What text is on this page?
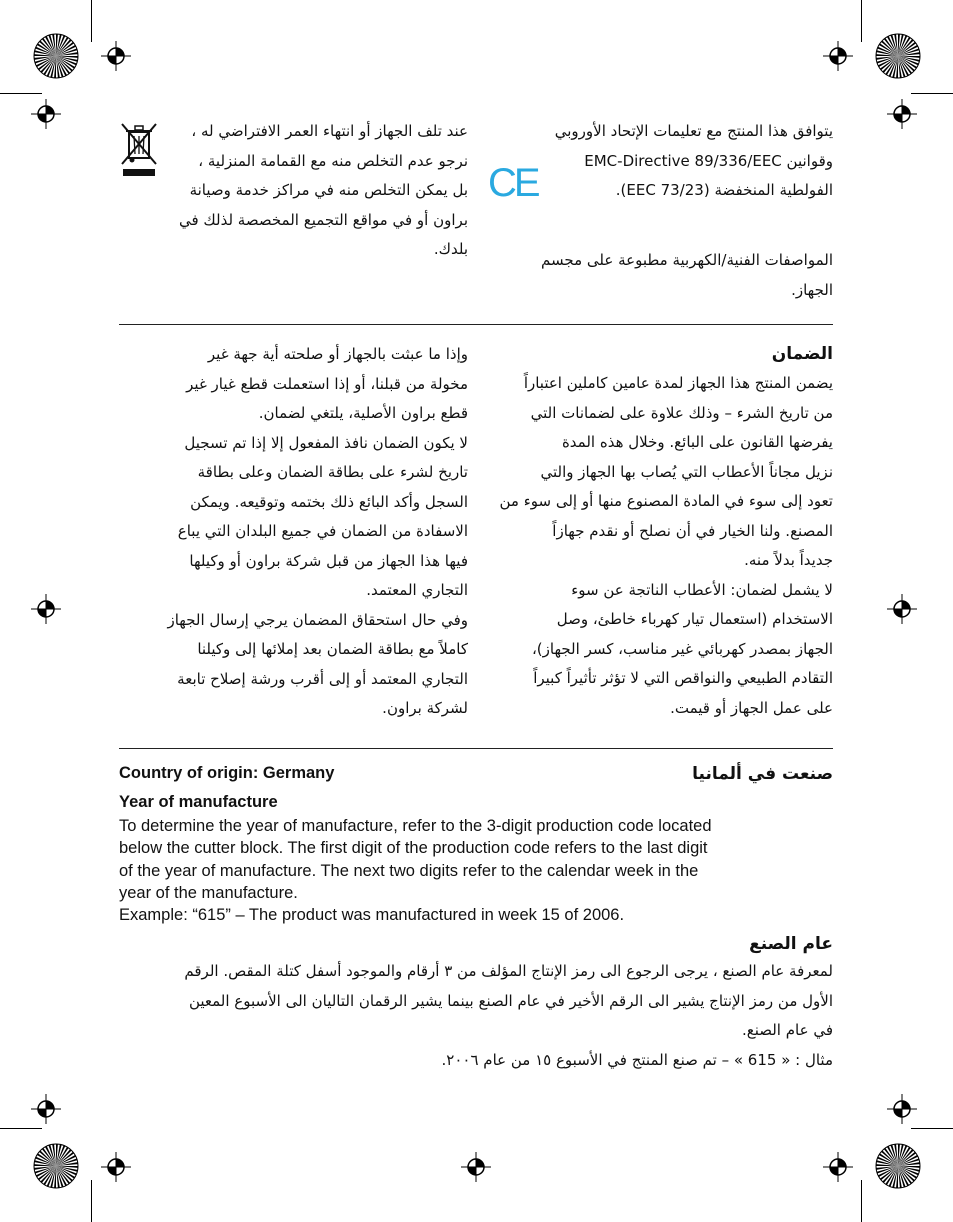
عند تلف الجهاز أو انتهاء العمر الافتراضي له ،
نرجو عدم التخلص منه مع القمامة المنزلية ،
بل يمكن التخلص منه في مراكز خدمة وصيانة
براون أو في مواقع التجميع المخصصة لذلك في
بلدك.

يتوافق هذا المنتج مع تعليمات الإتحاد الأوروبي
وقوانين EMC-Directive 89/336/EEC
الفولطية المنخفضة (73/23 EEC).

CE

المواصفات الفنية/الكهربية مطبوعة على مجسم
الجهاز.

الضمان

يضمن المنتج هذا الجهاز لمدة عامين كاملين اعتباراً
من تاريخ الشرء – وذلك علاوة على لضمانات التي
يفرضها القانون على البائع. وخلال هذه المدة
نزيل مجاناً الأعطاب التي يُصاب بها الجهاز والتي
تعود إلى سوء في المادة المصنوع منها أو إلى سوء من
المصنع. ولنا الخيار في أن نصلح أو نقدم جهازاً
جديداً بدلاً منه.
لا يشمل لضمان: الأعطاب الناتجة عن سوء
الاستخدام (استعمال تيار كهرباء خاطئ، وصل
الجهاز بمصدر كهربائي غير مناسب، كسر الجهاز)،
التقادم الطبيعي والنواقص التي لا تؤثر تأثيراً كبيراً
على عمل الجهاز أو قيمت.

وإذا ما عبثت بالجهاز أو صلحته أية جهة غير
مخولة من قبلنا، أو إذا استعملت قطع غيار غير
قطع براون الأصلية، يلتغي لضمان.
لا يكون الضمان نافذ المفعول إلا إذا تم تسجيل
تاريخ لشرء على بطاقة الضمان وعلى بطاقة
السجل وأكد البائع ذلك بختمه وتوقيعه. ويمكن
الاسفادة من الضمان في جميع البلدان التي يباع
فيها هذا الجهاز من قبل شركة براون أو وكيلها
التجاري المعتمد.
وفي حال استحقاق المضمان يرجي إرسال الجهاز
كاملاً مع بطاقة الضمان بعد إملائها إلى وكيلنا
التجاري المعتمد أو إلى أقرب ورشة إصلاح تابعة
لشركة براون.

Country of origin: Germany	صنعت في ألمانيا
Year of manufacture

To determine the year of manufacture, refer to the 3-digit production code located
below the cutter block. The first digit of the production code refers to the last digit
of the year of manufacture. The next two digits refer to the calendar week in the
year of the manufacture.
Example: “615” – The product was manufactured in week 15 of 2006.

عام الصنع

لمعرفة عام الصنع ، يرجى الرجوع الى رمز الإنتاج المؤلف من ٣ أرقام والموجود أسفل كتلة المقص. الرقم
الأول من رمز الإنتاج يشير الى الرقم الأخير في عام الصنع بينما يشير الرقمان التاليان الى الأسبوع المعين
في عام الصنع.
مثال : « 615 » – تم صنع المنتج في الأسبوع ١٥ من عام ٢٠٠٦.
